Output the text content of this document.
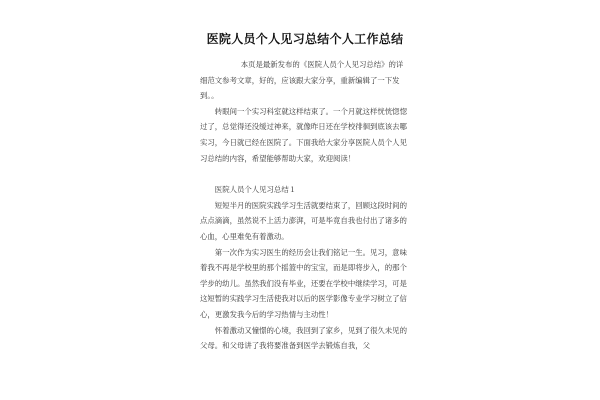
医院人员个人见习总结个人工作总结

本页是最新发布的《医院人员个人见习总结》的详细范文参考文章，好的，应该跟大家分享，重新编辑了一下发到。。

转眼间一个实习科室就这样结束了。一个月就这样恍恍惚惚过了，总觉得还没缓过神来，就像昨日还在学校徘徊到底该去哪实习，今日就已经在医院了。下面我给大家分享医院人员个人见习总结的内容，希望能够帮助大家，欢迎阅读！

医院人员个人见习总结１

短短半月的医院实践学习生活就要结束了，回顾这段时间的点点滴滴，虽然说不上活力澎湃，可是毕竟自我也付出了诸多的心血，心里难免有着激动。

第一次作为实习医生的经历会让我们铭记一生。见习，意味着我不再是学校里的那个摇篮中的宝宝，而是即将步入，的那个学步的幼儿。虽然我们没有毕业，还要在学校中继续学习，可是这短暂的实践学习生活使我对以后的医学影像专业学习树立了信心，更激发我今后的学习热情与主动性！

怀着激动又憧憬的心境，我回到了家乡，见到了很久未见的父母。和父母讲了我将要准备到医学去锻炼自我，父
